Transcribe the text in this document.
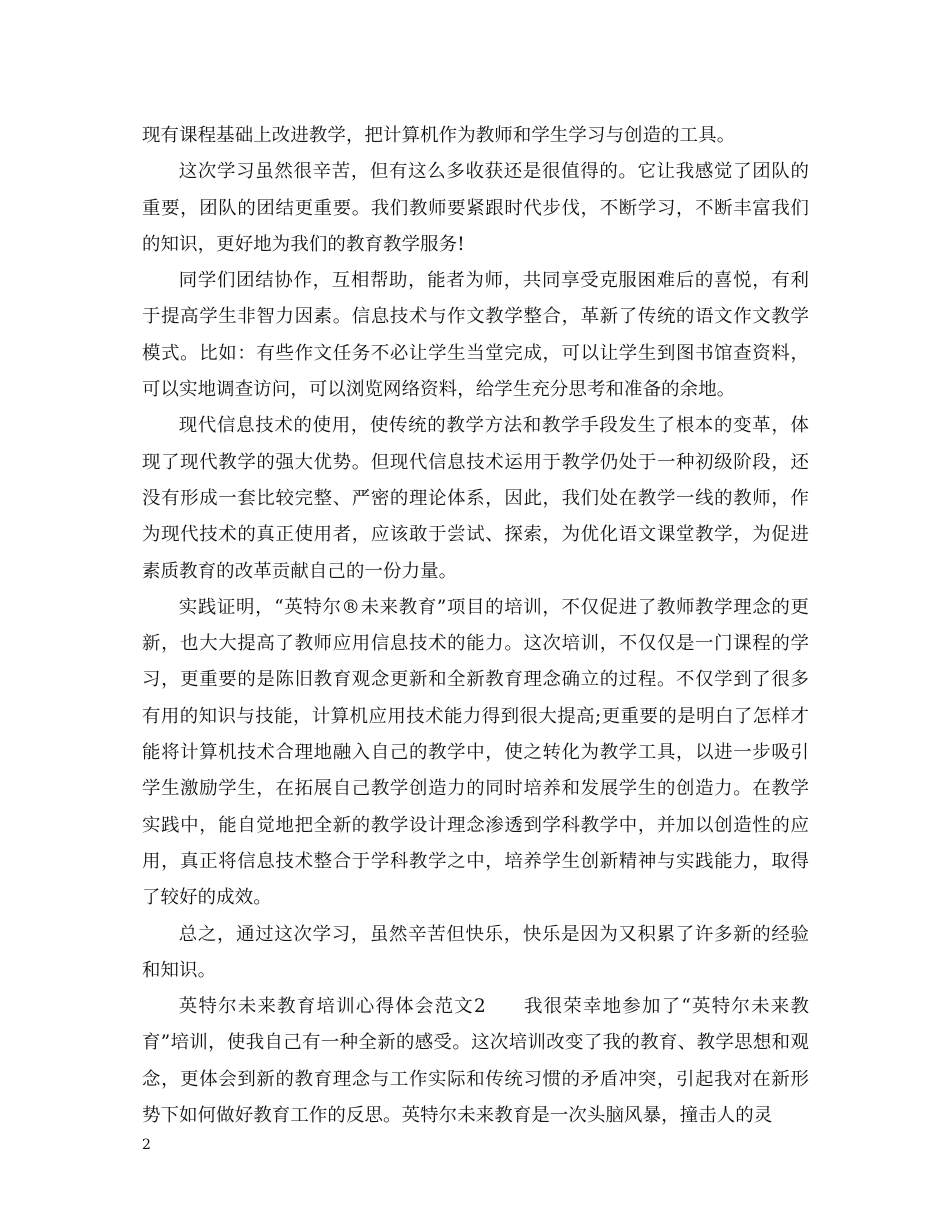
现有课程基础上改进教学，把计算机作为教师和学生学习与创造的工具。

这次学习虽然很辛苦，但有这么多收获还是很值得的。它让我感觉了团队的重要，团队的团结更重要。我们教师要紧跟时代步伐，不断学习，不断丰富我们的知识，更好地为我们的教育教学服务!

同学们团结协作，互相帮助，能者为师，共同享受克服困难后的喜悦，有利于提高学生非智力因素。信息技术与作文教学整合，革新了传统的语文作文教学模式。比如：有些作文任务不必让学生当堂完成，可以让学生到图书馆查资料，可以实地调查访问，可以浏览网络资料，给学生充分思考和准备的余地。

现代信息技术的使用，使传统的教学方法和教学手段发生了根本的变革，体现了现代教学的强大优势。但现代信息技术运用于教学仍处于一种初级阶段，还没有形成一套比较完整、严密的理论体系，因此，我们处在教学一线的教师，作为现代技术的真正使用者，应该敢于尝试、探索，为优化语文课堂教学，为促进素质教育的改革贡献自己的一份力量。

实践证明，“英特尔®未来教育”项目的培训，不仅促进了教师教学理念的更新，也大大提高了教师应用信息技术的能力。这次培训，不仅仅是一门课程的学习，更重要的是陈旧教育观念更新和全新教育理念确立的过程。不仅学到了很多有用的知识与技能，计算机应用技术能力得到很大提高;更重要的是明白了怎样才能将计算机技术合理地融入自己的教学中，使之转化为教学工具，以进一步吸引学生激励学生，在拓展自己教学创造力的同时培养和发展学生的创造力。在教学实践中，能自觉地把全新的教学设计理念渗透到学科教学中，并加以创造性的应用，真正将信息技术整合于学科教学之中，培养学生创新精神与实践能力，取得了较好的成效。

总之，通过这次学习，虽然辛苦但快乐，快乐是因为又积累了许多新的经验和知识。

英特尔未来教育培训心得体会范文2 我很荣幸地参加了“英特尔未来教育”培训，使我自己有一种全新的感受。这次培训改变了我的教育、教学思想和观念，更体会到新的教育理念与工作实际和传统习惯的矛盾冲突，引起我对在新形势下如何做好教育工作的反思。英特尔未来教育是一次头脑风暴，撞击人的灵

2
